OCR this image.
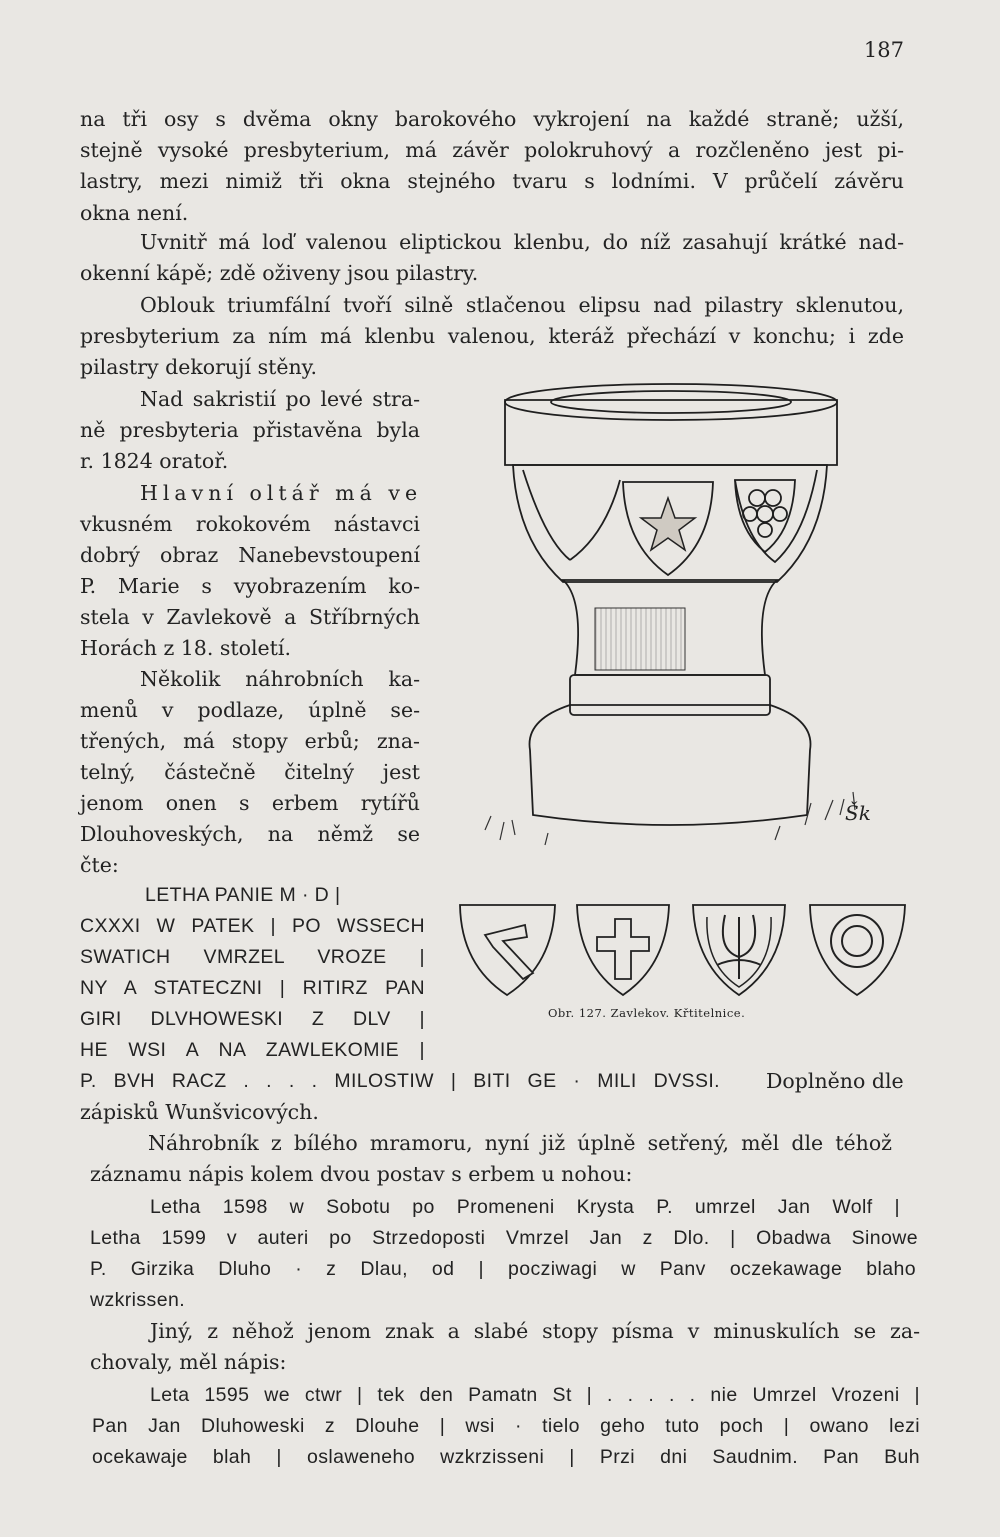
187
na tři osy s dvěma okny barokového vykrojení na každé straně; užší,
stejně vysoké presbyterium, má závěr polokruhový a rozčleněno jest pi-
lastry, mezi nimiž tři okna stejného tvaru s lodními. V průčelí závěru
okna není.
Uvnitř má loď valenou eliptickou klenbu, do níž zasahují krátké nad-
okenní kápě; zdě oživeny jsou pilastry.
Oblouk triumfální tvoří silně stlačenou elipsu nad pilastry sklenutou,
presbyterium za ním má klenbu valenou, kteráž přechází v konchu; i zde
pilastry dekorují stěny.
Nad sakristií po levé stra-
ně presbyteria přistavěna byla
r. 1824 oratoř.
Hlavní oltář má ve
vkusném rokokovém nástavci
dobrý obraz Nanebevstoupení
P. Marie s vyobrazením ko-
stela v Zavlekově a Stříbrných
Horách z 18. století.
Několik náhrobních ka-
menů v podlaze, úplně se-
třených, má stopy erbů; zna-
telný, částečně čitelný jest
jenom onen s erbem rytířů
Dlouhoveských, na němž se
čte:
LETHA PANIE M · D |
CXXXI W PATEK | PO WSSECH
SWATICH VMRZEL VROZE |
NY A STATECZNI | RITIRZ PAN
GIRI DLVHOWESKI Z DLV |
HE WSI A NA ZAWLEKOMIE |
P. BVH RACZ . . . . MILOSTIW | BITI GE · MILI DVSSI. Doplněno dle
zápisků Wunšvicových.
Náhrobník z bílého mramoru, nyní již úplně setřený, měl dle téhož
záznamu nápis kolem dvou postav s erbem u nohou:
Letha 1598 w Sobotu po Promeneni Krysta P. umrzel Jan Wolf |
Letha 1599 v auteri po Strzedoposti Vmrzel Jan z Dlo. | Obadwa Sinowe
P. Girzika Dluho · z Dlau, od | pocziwagi w Panv oczekawage blaho
wzkrissen.
Jiný, z něhož jenom znak a slabé stopy písma v minuskulích se za-
chovaly, měl nápis:
Leta 1595 we ctwr | tek den Pamatn St | . . . . . nie Umrzel Vrozeni |
Pan Jan Dluhoweski z Dlouhe | wsi · tielo geho tuto poch | owano lezi
ocekawaje blah | oslaweneho wzkrzisseni | Przi dni Saudnim. Pan Buh
Šk
Obr. 127. Zavlekov. Křtitelnice.
